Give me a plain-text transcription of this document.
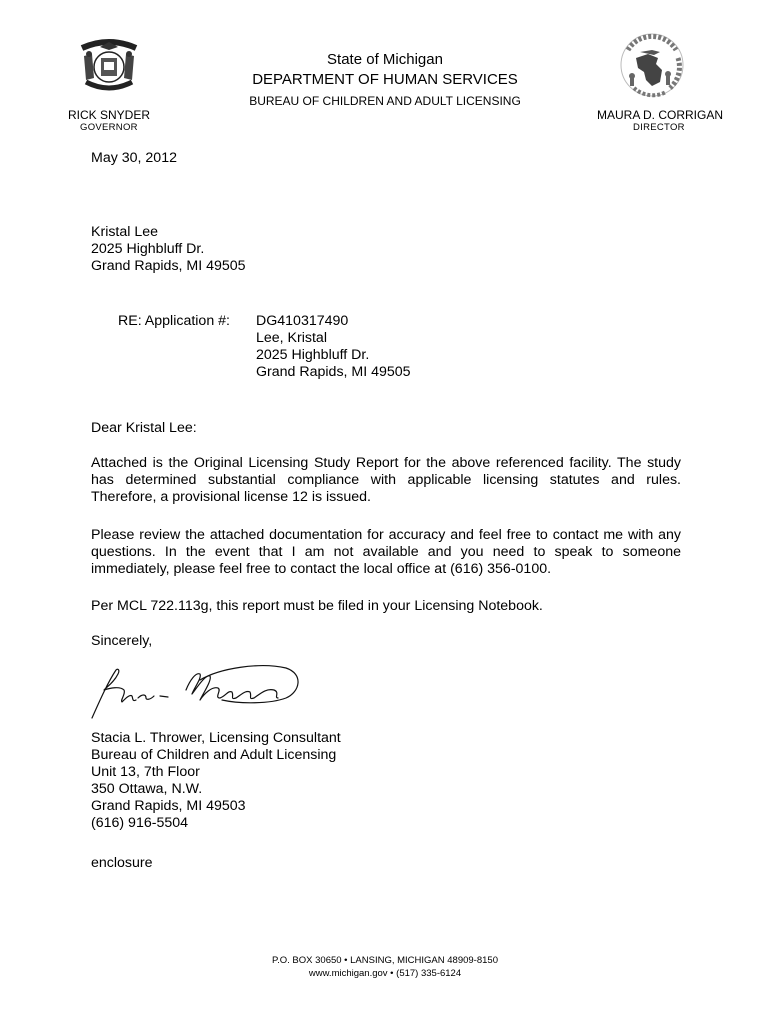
State of Michigan
DEPARTMENT OF HUMAN SERVICES
BUREAU OF CHILDREN AND ADULT LICENSING
RICK SNYDER
GOVERNOR
MAURA D. CORRIGAN
DIRECTOR
May 30, 2012
Kristal Lee
2025 Highbluff Dr.
Grand Rapids, MI 49505
RE: Application #: DG410317490
Lee, Kristal
2025 Highbluff Dr.
Grand Rapids, MI 49505
Dear Kristal Lee:
Attached is the Original Licensing Study Report for the above referenced facility. The study has determined substantial compliance with applicable licensing statutes and rules. Therefore, a provisional license 12 is issued.
Please review the attached documentation for accuracy and feel free to contact me with any questions. In the event that I am not available and you need to speak to someone immediately, please feel free to contact the local office at (616) 356-0100.
Per MCL 722.113g, this report must be filed in your Licensing Notebook.
Sincerely,
Stacia L. Thrower, Licensing Consultant
Bureau of Children and Adult Licensing
Unit 13, 7th Floor
350 Ottawa, N.W.
Grand Rapids, MI 49503
(616) 916-5504
enclosure
P.O. BOX 30650 • LANSING, MICHIGAN 48909-8150
www.michigan.gov • (517) 335-6124
